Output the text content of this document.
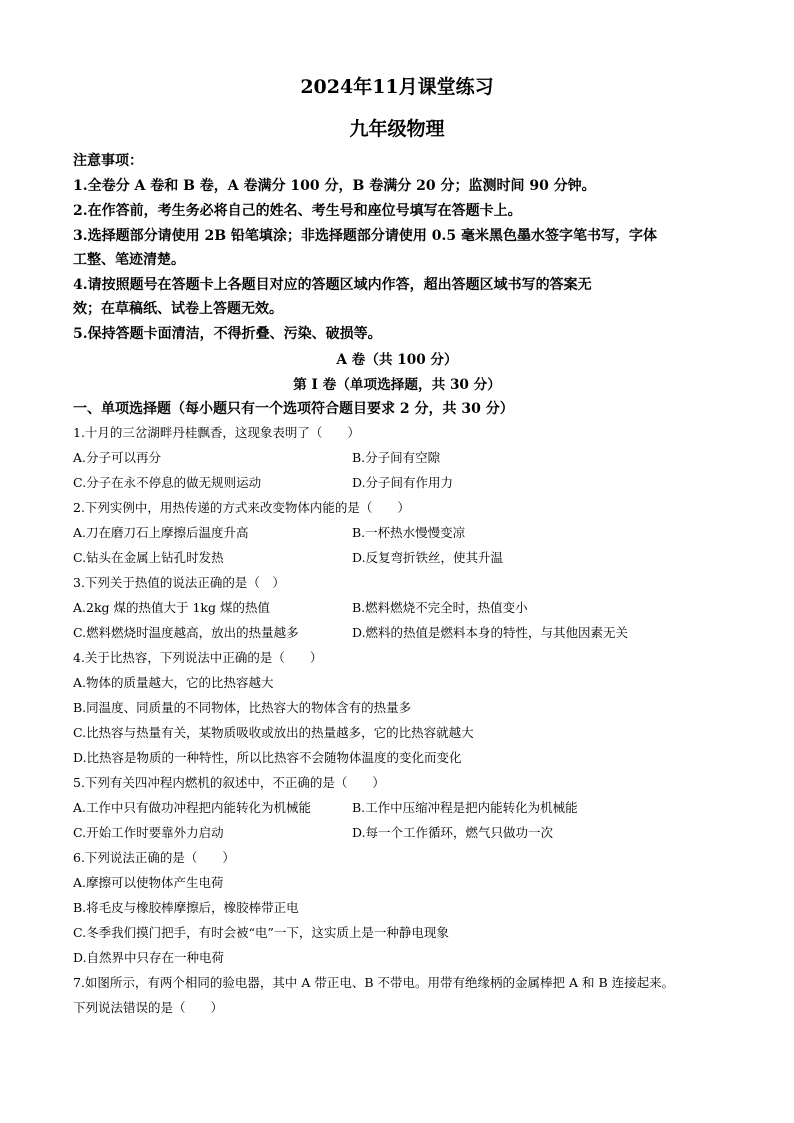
2024年11月课堂练习
九年级物理
注意事项：
1.全卷分 A 卷和 B 卷，A 卷满分 100 分，B 卷满分 20 分；监测时间 90 分钟。
2.在作答前，考生务必将自己的姓名、考生号和座位号填写在答题卡上。
3.选择题部分请使用 2B 铅笔填涂；非选择题部分请使用 0.5 毫米黑色墨水签字笔书写，字体
工整、笔迹清楚。
4.请按照题号在答题卡上各题目对应的答题区域内作答，超出答题区域书写的答案无
效；在草稿纸、试卷上答题无效。
5.保持答题卡面清洁，不得折叠、污染、破损等。
A 卷（共 100 分）
第 I 卷（单项选择题，共 30 分）
一、单项选择题（每小题只有一个选项符合题目要求 2 分，共 30 分）
1.十月的三岔湖畔丹桂飘香，这现象表明了（　　）
A.分子可以再分	B.分子间有空隙
C.分子在永不停息的做无规则运动	D.分子间有作用力
2.下列实例中，用热传递的方式来改变物体内能的是（　　）
A.刀在磨刀石上摩擦后温度升高	B.一杯热水慢慢变凉
C.钻头在金属上钻孔时发热	D.反复弯折铁丝，使其升温
3.下列关于热值的说法正确的是（　）
A.2kg 煤的热值大于 1kg 煤的热值	B.燃料燃烧不完全时，热值变小
C.燃料燃烧时温度越高，放出的热量越多	D.燃料的热值是燃料本身的特性，与其他因素无关
4.关于比热容，下列说法中正确的是（　　）
A.物体的质量越大，它的比热容越大
B.同温度、同质量的不同物体，比热容大的物体含有的热量多
C.比热容与热量有关，某物质吸收或放出的热量越多，它的比热容就越大
D.比热容是物质的一种特性，所以比热容不会随物体温度的变化而变化
5.下列有关四冲程内燃机的叙述中，不正确的是（　　）
A.工作中只有做功冲程把内能转化为机械能	B.工作中压缩冲程是把内能转化为机械能
C.开始工作时要靠外力启动	D.每一个工作循环，燃气只做功一次
6.下列说法正确的是（　　）
A.摩擦可以使物体产生电荷
B.将毛皮与橡胶棒摩擦后，橡胶棒带正电
C.冬季我们摸门把手，有时会被“电”一下，这实质上是一种静电现象
D.自然界中只存在一种电荷
7.如图所示，有两个相同的验电器，其中 A 带正电、B 不带电。用带有绝缘柄的金属棒把 A 和 B 连接起来。
下列说法错误的是（　　）
